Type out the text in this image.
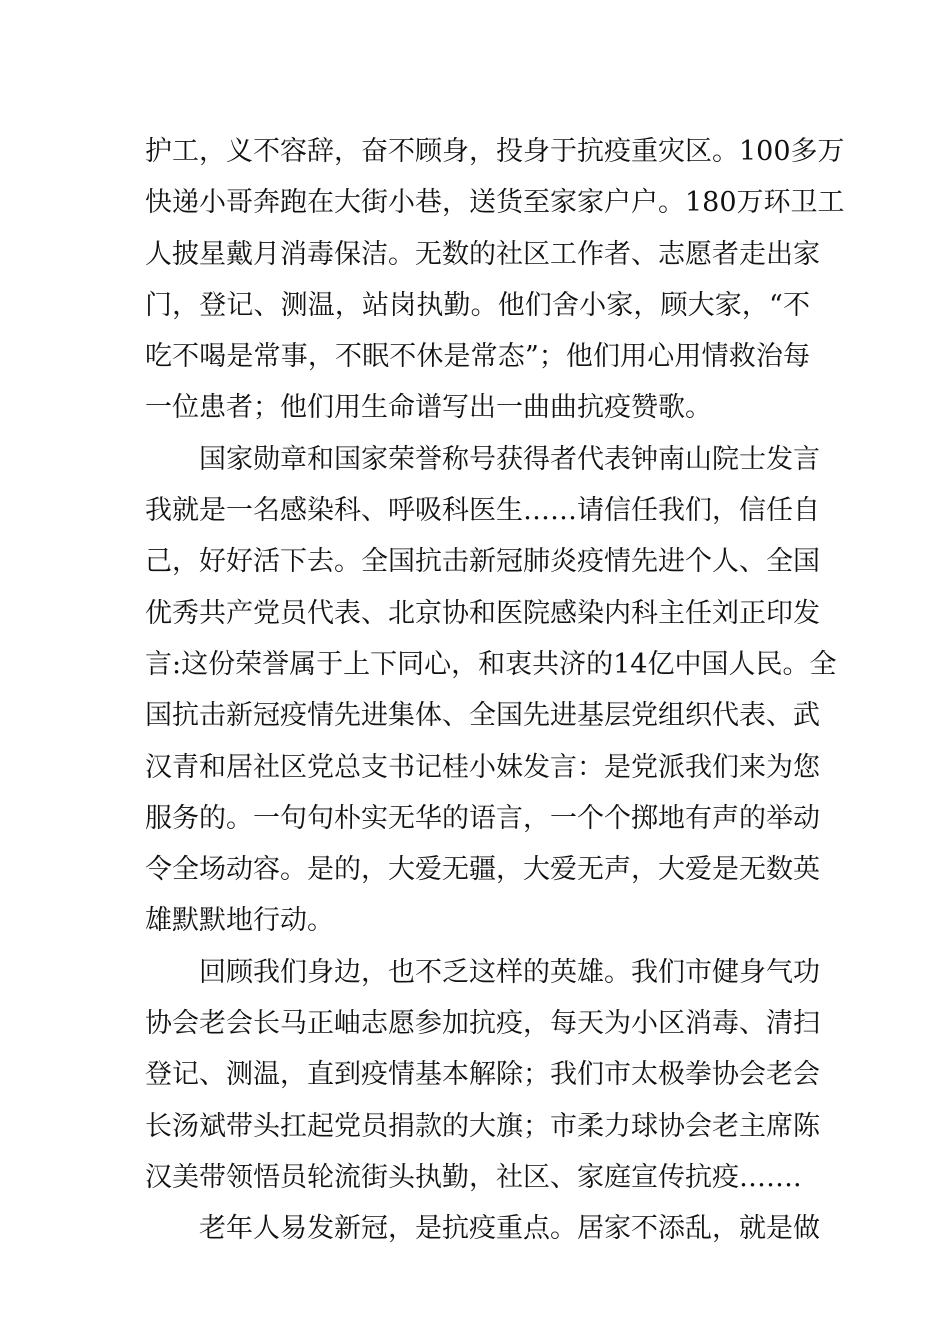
护工，义不容辞，奋不顾身，投身于抗疫重灾区。100多万
快递小哥奔跑在大街小巷，送货至家家户户。180万环卫工
人披星戴月消毒保洁。无数的社区工作者、志愿者走出家
门，登记、测温，站岗执勤。他们舍小家，顾大家，“不
吃不喝是常事，不眠不休是常态”；他们用心用情救治每
一位患者；他们用生命谱写出一曲曲抗疫赞歌。
国家勋章和国家荣誉称号获得者代表钟南山院士发言
我就是一名感染科、呼吸科医生……请信任我们，信任自
己，好好活下去。全国抗击新冠肺炎疫情先进个人、全国
优秀共产党员代表、北京协和医院感染内科主任刘正印发
言:这份荣誉属于上下同心，和衷共济的14亿中国人民。全
国抗击新冠疫情先进集体、全国先进基层党组织代表、武
汉青和居社区党总支书记桂小妹发言：是党派我们来为您
服务的。一句句朴实无华的语言，一个个掷地有声的举动
令全场动容。是的，大爱无疆，大爱无声，大爱是无数英
雄默默地行动。
回顾我们身边，也不乏这样的英雄。我们市健身气功
协会老会长马正岫志愿参加抗疫，每天为小区消毒、清扫
登记、测温，直到疫情基本解除；我们市太极拳协会老会
长汤斌带头扛起党员捐款的大旗；市柔力球协会老主席陈
汉美带领悟员轮流街头执勤，社区、家庭宣传抗疫…….
老年人易发新冠，是抗疫重点。居家不添乱，就是做
